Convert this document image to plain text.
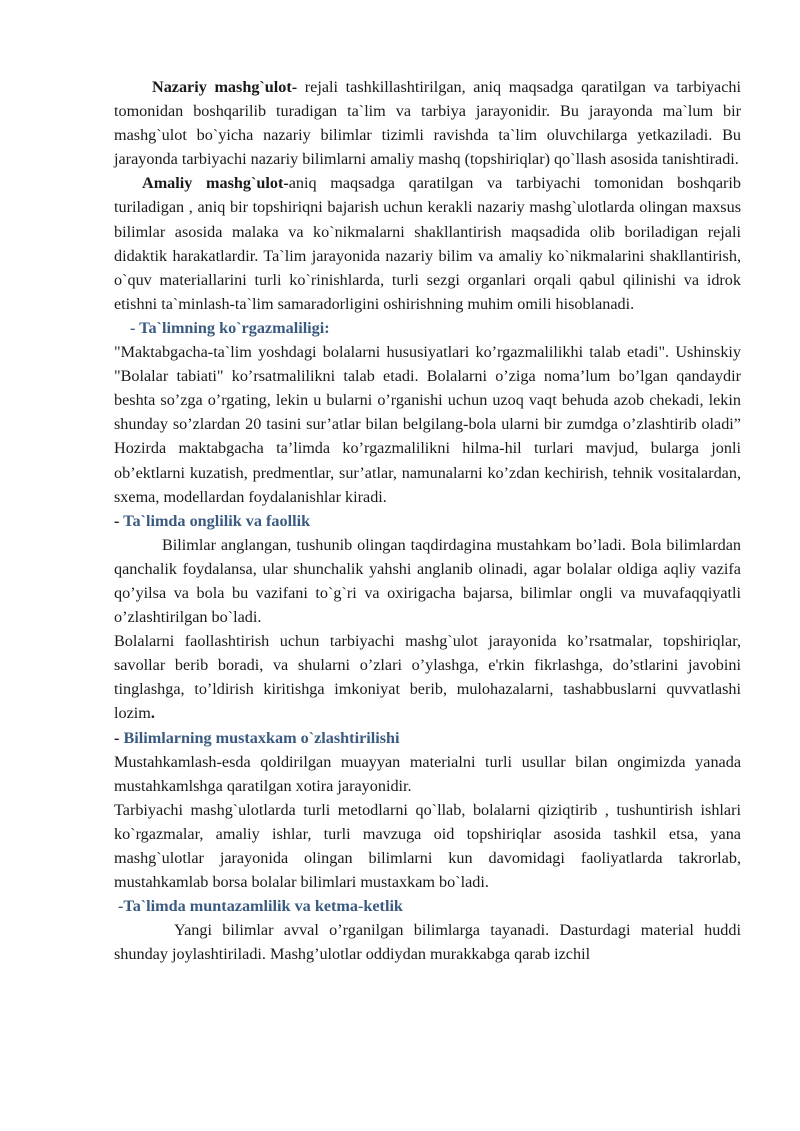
Nazariy mashg`ulot- rejali tashkillashtirilgan, aniq maqsadga qaratilgan va tarbiyachi tomonidan boshqarilib turadigan ta`lim va tarbiya jarayonidir. Bu jarayonda ma`lum bir mashg`ulot bo`yicha nazariy bilimlar tizimli ravishda ta`lim oluvchilarga yetkaziladi. Bu jarayonda tarbiyachi nazariy bilimlarni amaliy mashq (topshiriqlar) qo`llash asosida tanishtiradi.

Amaliy mashg`ulot-aniq maqsadga qaratilgan va tarbiyachi tomonidan boshqarib turiladigan , aniq bir topshiriqni bajarish uchun kerakli nazariy mashg`ulotlarda olingan maxsus bilimlar asosida malaka va ko`nikmalarni shakllantirish maqsadida olib boriladigan rejali didaktik harakatlardir. Ta`lim jarayonida nazariy bilim va amaliy ko`nikmalarini shakllantirish, o`quv materiallarini turli ko`rinishlarda, turli sezgi organlari orqali qabul qilinishi va idrok etishni ta`minlash-ta`lim samaradorligini oshirishning muhim omili hisoblanadi.

- Ta`limning ko`rgazmaliligi:

"Maktabgacha-ta`lim yoshdagi bolalarni hususiyatlari ko’rgazmalilikhi talab etadi". Ushinskiy "Bolalar tabiati" ko’rsatmalilikni talab etadi. Bolalarni o’ziga noma’lum bo’lgan qandaydir beshta so’zga o’rgating, lekin u bularni o’rganishi uchun uzoq vaqt behuda azob chekadi, lekin shunday so’zlardan 20 tasini sur’atlar bilan belgilang-bola ularni bir zumdga o’zlashtirib oladi” Hozirda maktabgacha ta’limda ko’rgazmalilikni hilma-hil turlari mavjud, bularga jonli ob’ektlarni kuzatish, predmentlar, sur’atlar, namunalarni ko’zdan kechirish, tehnik vositalardan, sxema, modellardan foydalanishlar kiradi.

- Ta`limda onglilik va faollik

Bilimlar anglangan, tushunib olingan taqdirdagina mustahkam bo’ladi. Bola bilimlardan qanchalik foydalansa, ular shunchalik yahshi anglanib olinadi, agar bolalar oldiga aqliy vazifa qo’yilsa va bola bu vazifani to`g`ri va oxirigacha bajarsa, bilimlar ongli va muvafaqqiyatli o’zlashtirilgan bo`ladi.

Bolalarni faollashtirish uchun tarbiyachi mashg`ulot jarayonida ko’rsatmalar, topshiriqlar, savollar berib boradi, va shularni o’zlari o’ylashga, e'rkin fikrlashga, do’stlarini javobini tinglashga, to’ldirish kiritishga imkoniyat berib, mulohazalarni, tashabbuslarni quvvatlashi lozim.

- Bilimlarning mustaxkam o`zlashtirilishi

Mustahkamlash-esda qoldirilgan muayyan materialni turli usullar bilan ongimizda yanada mustahkamlshga qaratilgan xotira jarayonidir.

Tarbiyachi mashg`ulotlarda turli metodlarni qo`llab, bolalarni qiziqtirib , tushuntirish ishlari ko`rgazmalar, amaliy ishlar, turli mavzuga oid topshiriqlar asosida tashkil etsa, yana mashg`ulotlar jarayonida olingan bilimlarni kun davomidagi faoliyatlarda takrorlab, mustahkamlab borsa bolalar bilimlari mustaxkam bo`ladi.

-Ta`limda muntazamlilik va ketma-ketlik

Yangi bilimlar avval o’rganilgan bilimlarga tayanadi. Dasturdagi material huddi shunday joylashtiriladi. Mashg’ulotlar oddiydan murakkabga qarab izchil
